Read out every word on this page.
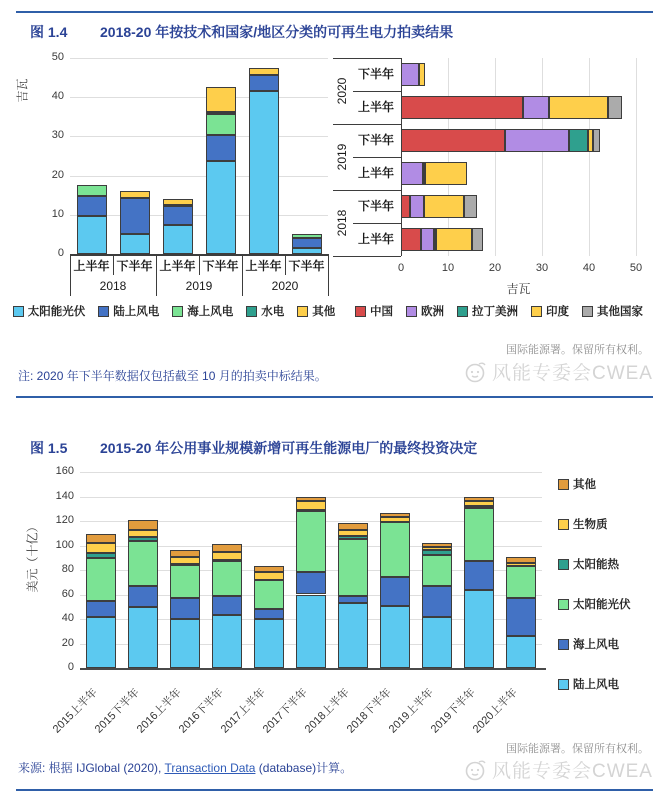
图 1.4 2018-20 年按技术和国家/地区分类的可再生电力拍卖结果
吉瓦
0
10
20
30
40
50
上半年 下半年 上半年 下半年 上半年 下半年
2018	2019	2020
0	10	20	30	40	50
吉瓦
2020
2019
2018
下半年
上半年
下半年
上半年
下半年
上半年
太阳能光伏 陆上风电 海上风电 水电 其他	中国 欧洲 拉丁美洲 印度 其他国家
国际能源署。保留所有权利。
注: 2020 年下半年数据仅包括截至 10 月的拍卖中标结果。	风能专委会CWEA
图 1.5 2015-20 年公用事业规模新增可再生能源电厂的最终投资决定
美元（十亿）
0
20
40
60
80
100
120
140
160
2015上半年
2015下半年
2016上半年
2016下半年
2017上半年
2017下半年
2018上半年
2018下半年
2019上半年
2019下半年
2020上半年
其他
生物质
太阳能热
太阳能光伏
海上风电
陆上风电
国际能源署。保留所有权利。
来源: 根据 IJGlobal (2020), Transaction Data (database)计算。	风能专委会CWEA
